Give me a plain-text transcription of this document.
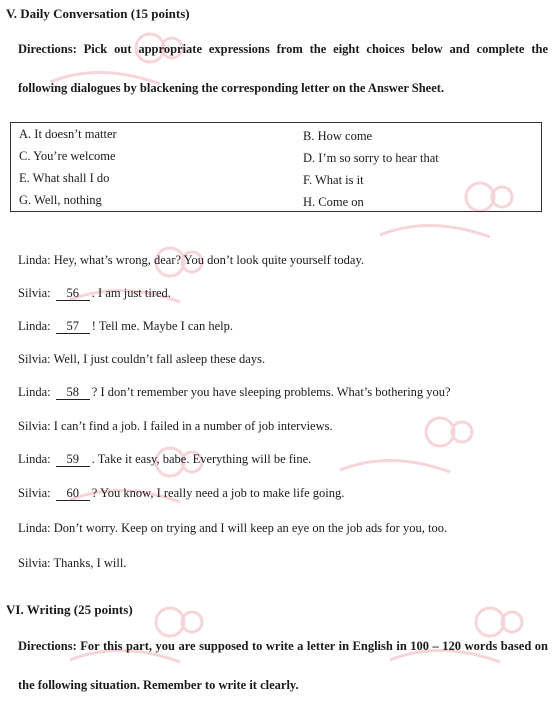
V. Daily Conversation (15 points)
Directions: Pick out appropriate expressions from the eight choices below and complete the following dialogues by blackening the corresponding letter on the Answer Sheet.
A. It doesn’t matter	B. How come
C. You’re welcome	D. I’m so sorry to hear that
E. What shall I do	F. What is it
G. Well, nothing	H. Come on
Linda: Hey, what’s wrong, dear? You don’t look quite yourself today.
Silvia: 56 . I am just tired.
Linda: 57 ! Tell me. Maybe I can help.
Silvia: Well, I just couldn’t fall asleep these days.
Linda: 58 ? I don’t remember you have sleeping problems. What’s bothering you?
Silvia: I can’t find a job. I failed in a number of job interviews.
Linda: 59 . Take it easy, babe. Everything will be fine.
Silvia: 60 ? You know, I really need a job to make life going.
Linda: Don’t worry. Keep on trying and I will keep an eye on the job ads for you, too.
Silvia: Thanks, I will.
VI. Writing (25 points)
Directions: For this part, you are supposed to write a letter in English in 100 – 120 words based on the following situation. Remember to write it clearly.
